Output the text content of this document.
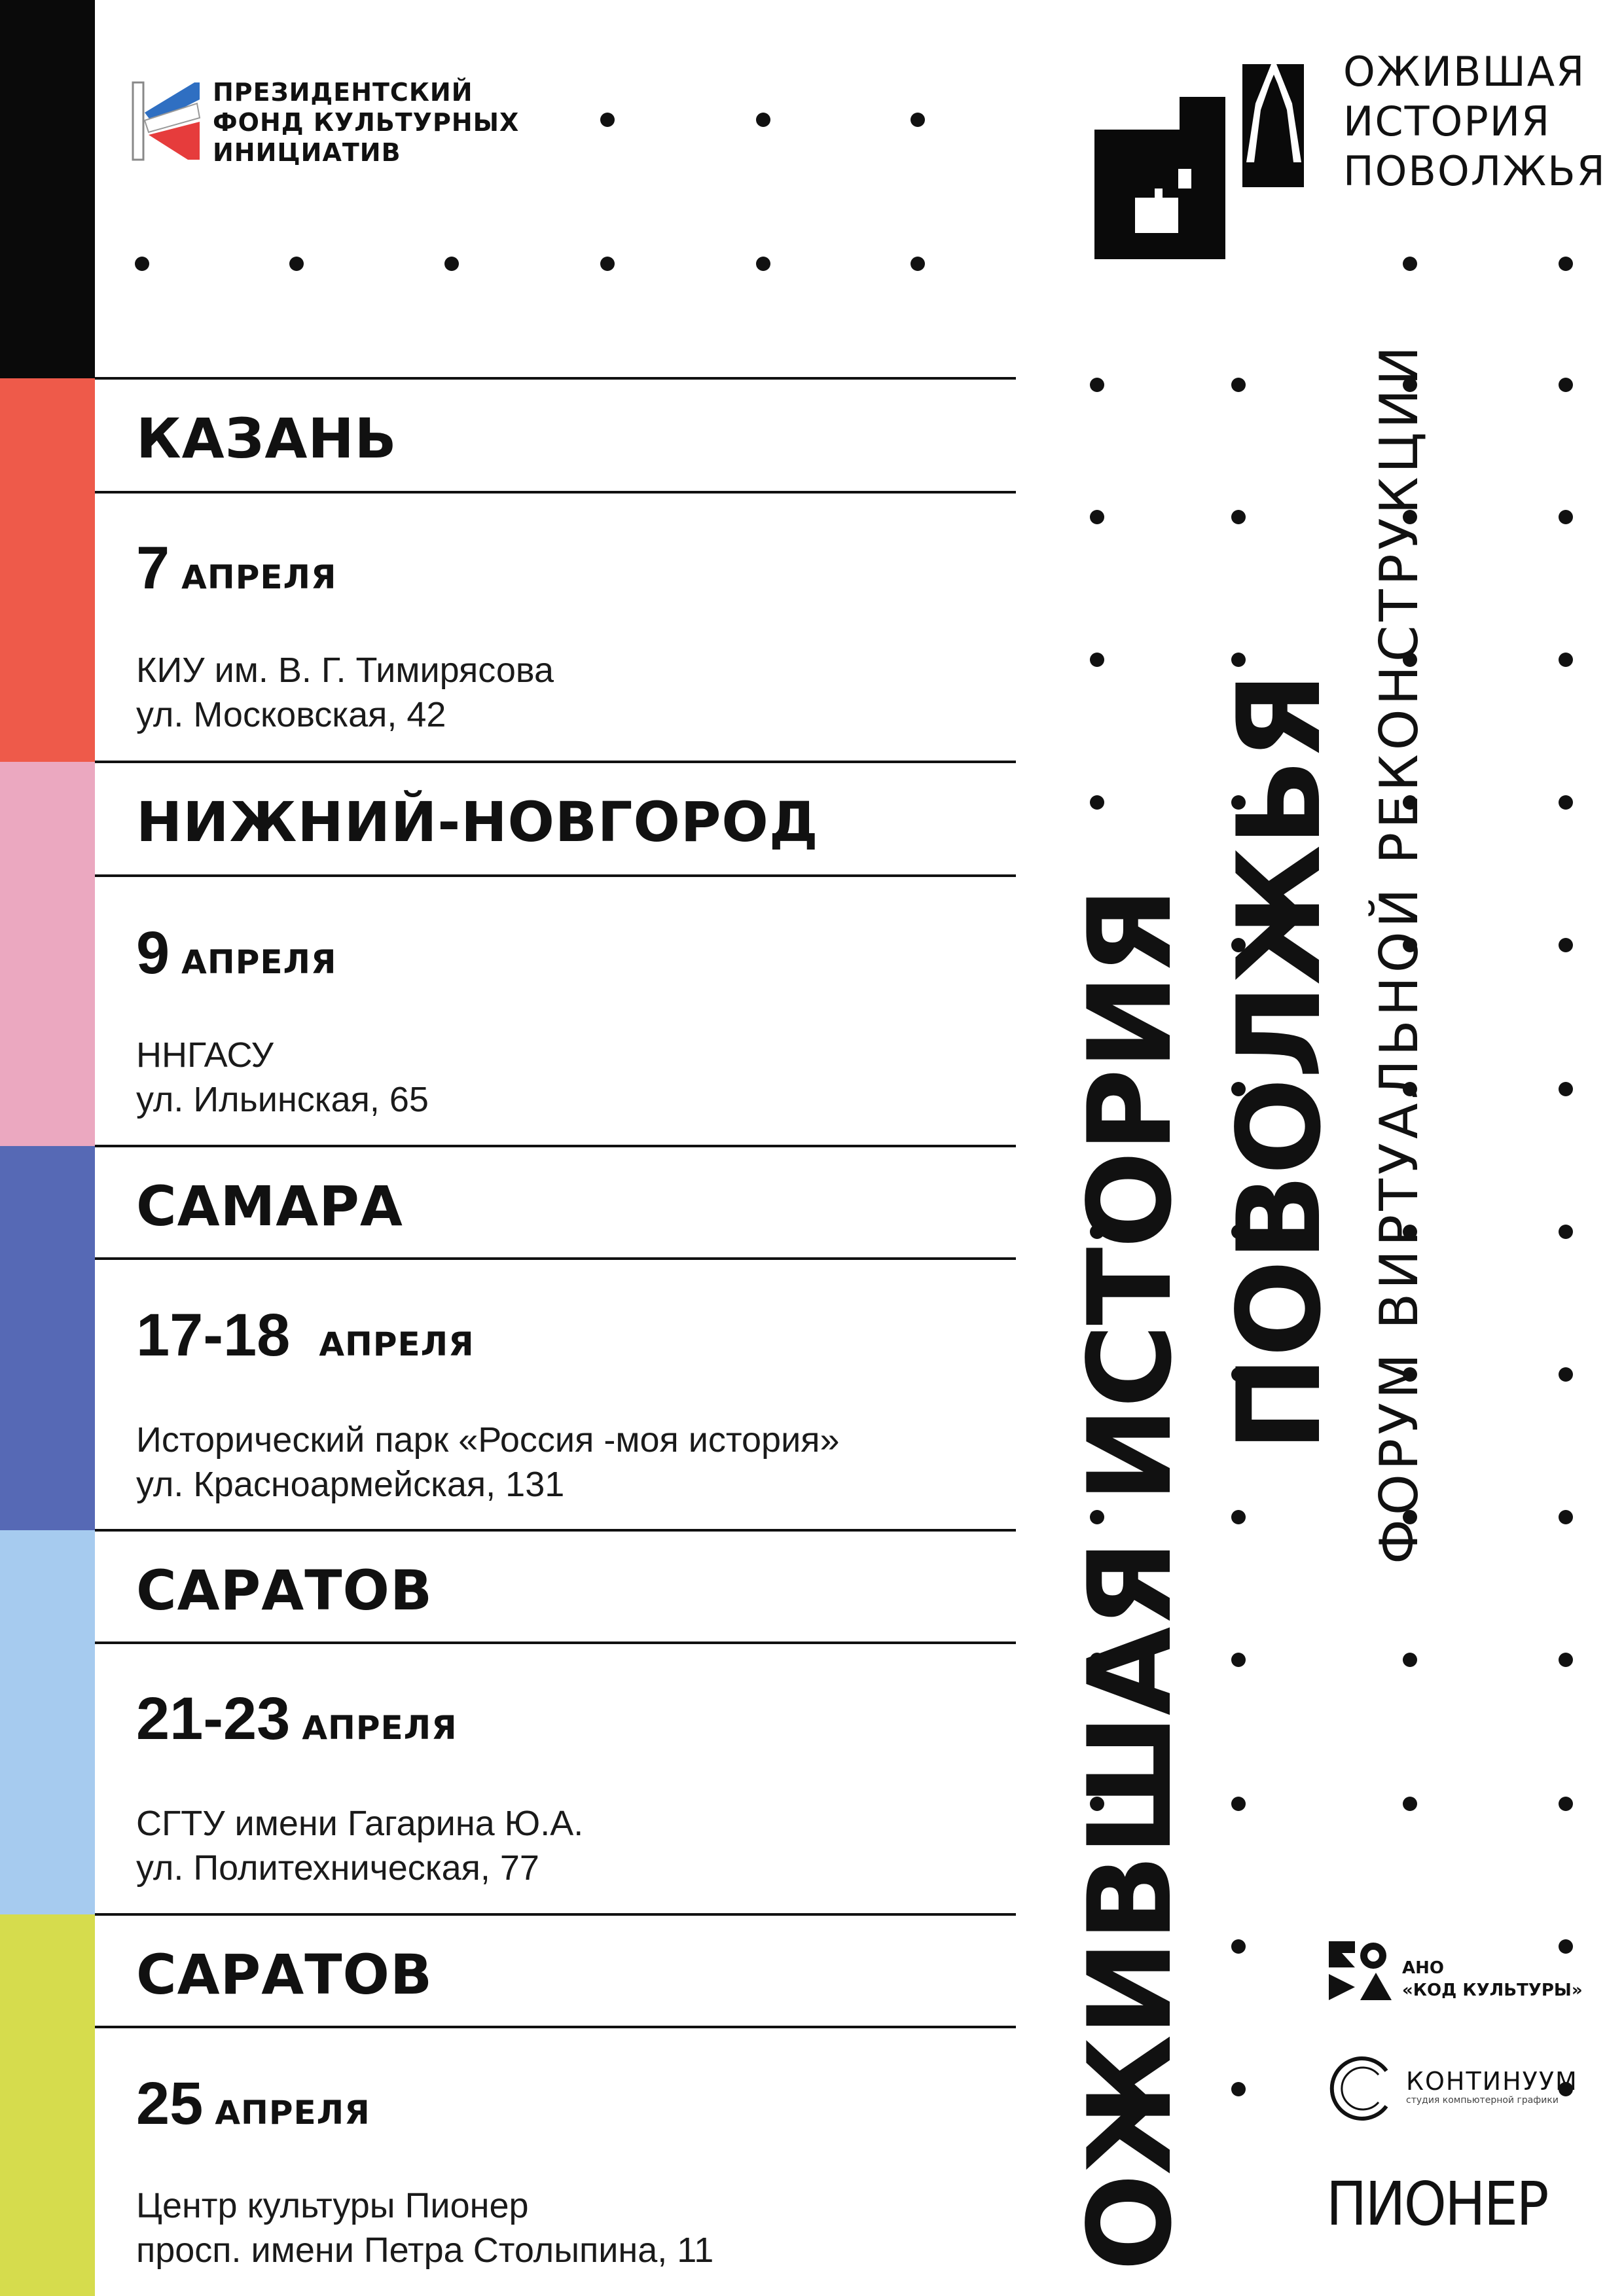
ПРЕЗИДЕНТСКИЙ
ФОНД КУЛЬТУРНЫХ
ИНИЦИАТИВ
ОЖИВШАЯ
ИСТОРИЯ
ПОВОЛЖЬЯ
КАЗАНЬ
7 АПРЕЛЯ
КИУ им. В. Г. Тимирясова
ул. Московская, 42
НИЖНИЙ-НОВГОРОД
9 АПРЕЛЯ
ННГАСУ
ул. Ильинская, 65
САМАРА
17-18 АПРЕЛЯ
Исторический парк «Россия -моя история»
ул. Красноармейская, 131
САРАТОВ
21-23 АПРЕЛЯ
СГТУ имени Гагарина Ю.А.
ул. Политехническая, 77
САРАТОВ
25 АПРЕЛЯ
Центр культуры Пионер
просп. имени Петра Столыпина, 11	ОЖИВШАЯ ИСТОРИЯ ПОВОЛЖЬЯ ФОРУМ ВИРТУАЛЬНОЙ РЕКОНСТРУКЦИИ
АНО
«КОД КУЛЬТУРЫ»
КОНТИНУУМ
студия компьютерной графики
ПИОНЕР
